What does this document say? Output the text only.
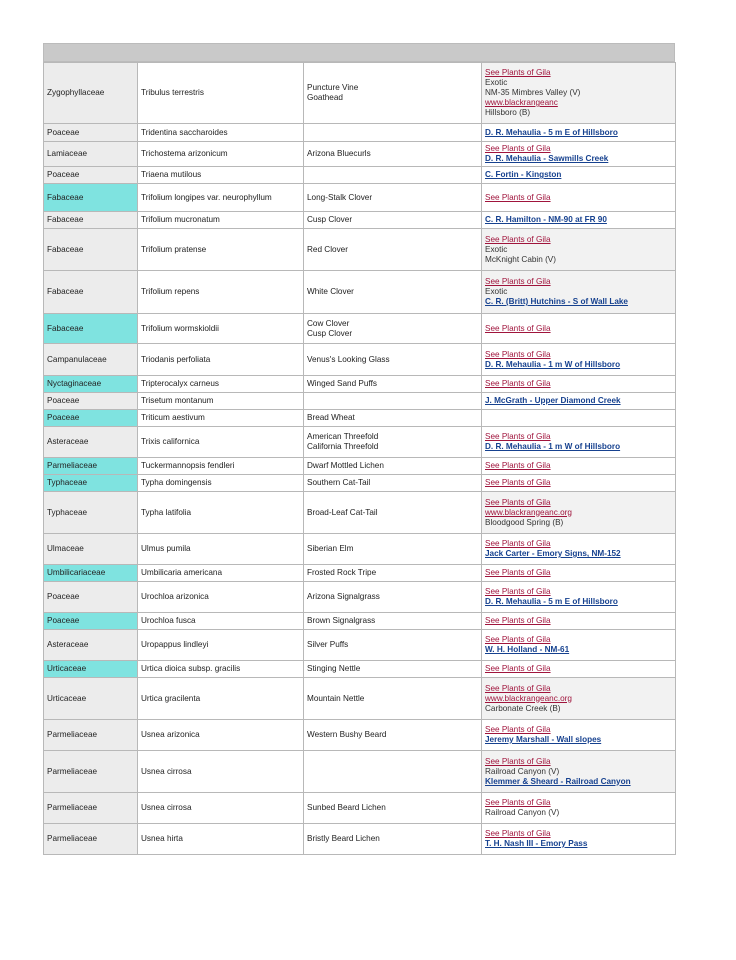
Zygophyllaceae	Tribulus terrestris	Puncture Vine
Goathead	See Plants of Gila
Exotic
NM-35 Mimbres Valley (V)
www.blackrangeanc
Hillsboro (B)

Poaceae	Tridentina saccharoides		D. R. Mehaulia - 5 m E of Hillsboro

Lamiaceae	Trichostema arizonicum	Arizona Bluecurls	See Plants of Gila
D. R. Mehaulia - Sawmills Creek

Poaceae	Triaena mutilous		C. Fortin - Kingston

Fabaceae	Trifolium longipes var. neurophyllum	Long-Stalk Clover	See Plants of Gila

Fabaceae	Trifolium mucronatum	Cusp Clover	C. R. Hamilton - NM-90 at FR 90

Fabaceae	Trifolium pratense	Red Clover	See Plants of Gila
Exotic
McKnight Cabin (V)

Fabaceae	Trifolium repens	White Clover	See Plants of Gila
Exotic
C. R. (Britt) Hutchins - S of Wall Lake

Fabaceae	Trifolium wormskioldii	Cow Clover
Cusp Clover	See Plants of Gila

Campanulaceae	Triodanis perfoliata	Venus's Looking Glass	See Plants of Gila
D. R. Mehaulia - 1 m W of Hillsboro

Nyctaginaceae	Tripterocalyx carneus	Winged Sand Puffs	See Plants of Gila

Poaceae	Trisetum montanum		J. McGrath - Upper Diamond Creek

Poaceae	Triticum aestivum	Bread Wheat	

Asteraceae	Trixis californica	American Threefold
California Threefold	See Plants of Gila
D. R. Mehaulia - 1 m W of Hillsboro

Parmeliaceae	Tuckermannopsis fendleri	Dwarf Mottled Lichen	See Plants of Gila

Typhaceae	Typha domingensis	Southern Cat-Tail	See Plants of Gila

Typhaceae	Typha latifolia	Broad-Leaf Cat-Tail	See Plants of Gila
www.blackrangeanc.org
Bloodgood Spring (B)

Ulmaceae	Ulmus pumila	Siberian Elm	See Plants of Gila
Jack Carter - Emory Signs, NM-152

Umbilicariaceae	Umbilicaria americana	Frosted Rock Tripe	See Plants of Gila

Poaceae	Urochloa arizonica	Arizona Signalgrass	See Plants of Gila
D. R. Mehaulia - 5 m E of Hillsboro

Poaceae	Urochloa fusca	Brown Signalgrass	See Plants of Gila

Asteraceae	Uropappus lindleyi	Silver Puffs	See Plants of Gila
W. H. Holland - NM-61

Urticaceae	Urtica dioica subsp. gracilis	Stinging Nettle	See Plants of Gila

Urticaceae	Urtica gracilenta	Mountain Nettle	See Plants of Gila
www.blackrangeanc.org
Carbonate Creek (B)

Parmeliaceae	Usnea arizonica	Western Bushy Beard	See Plants of Gila
Jeremy Marshall - Wall slopes

Parmeliaceae	Usnea cirrosa		See Plants of Gila
Railroad Canyon (V)
Klemmer & Sheard - Railroad Canyon

Parmeliaceae	Usnea cirrosa	Sunbed Beard Lichen	See Plants of Gila
Railroad Canyon (V)

Parmeliaceae	Usnea hirta	Bristly Beard Lichen	See Plants of Gila
T. H. Nash III - Emory Pass
